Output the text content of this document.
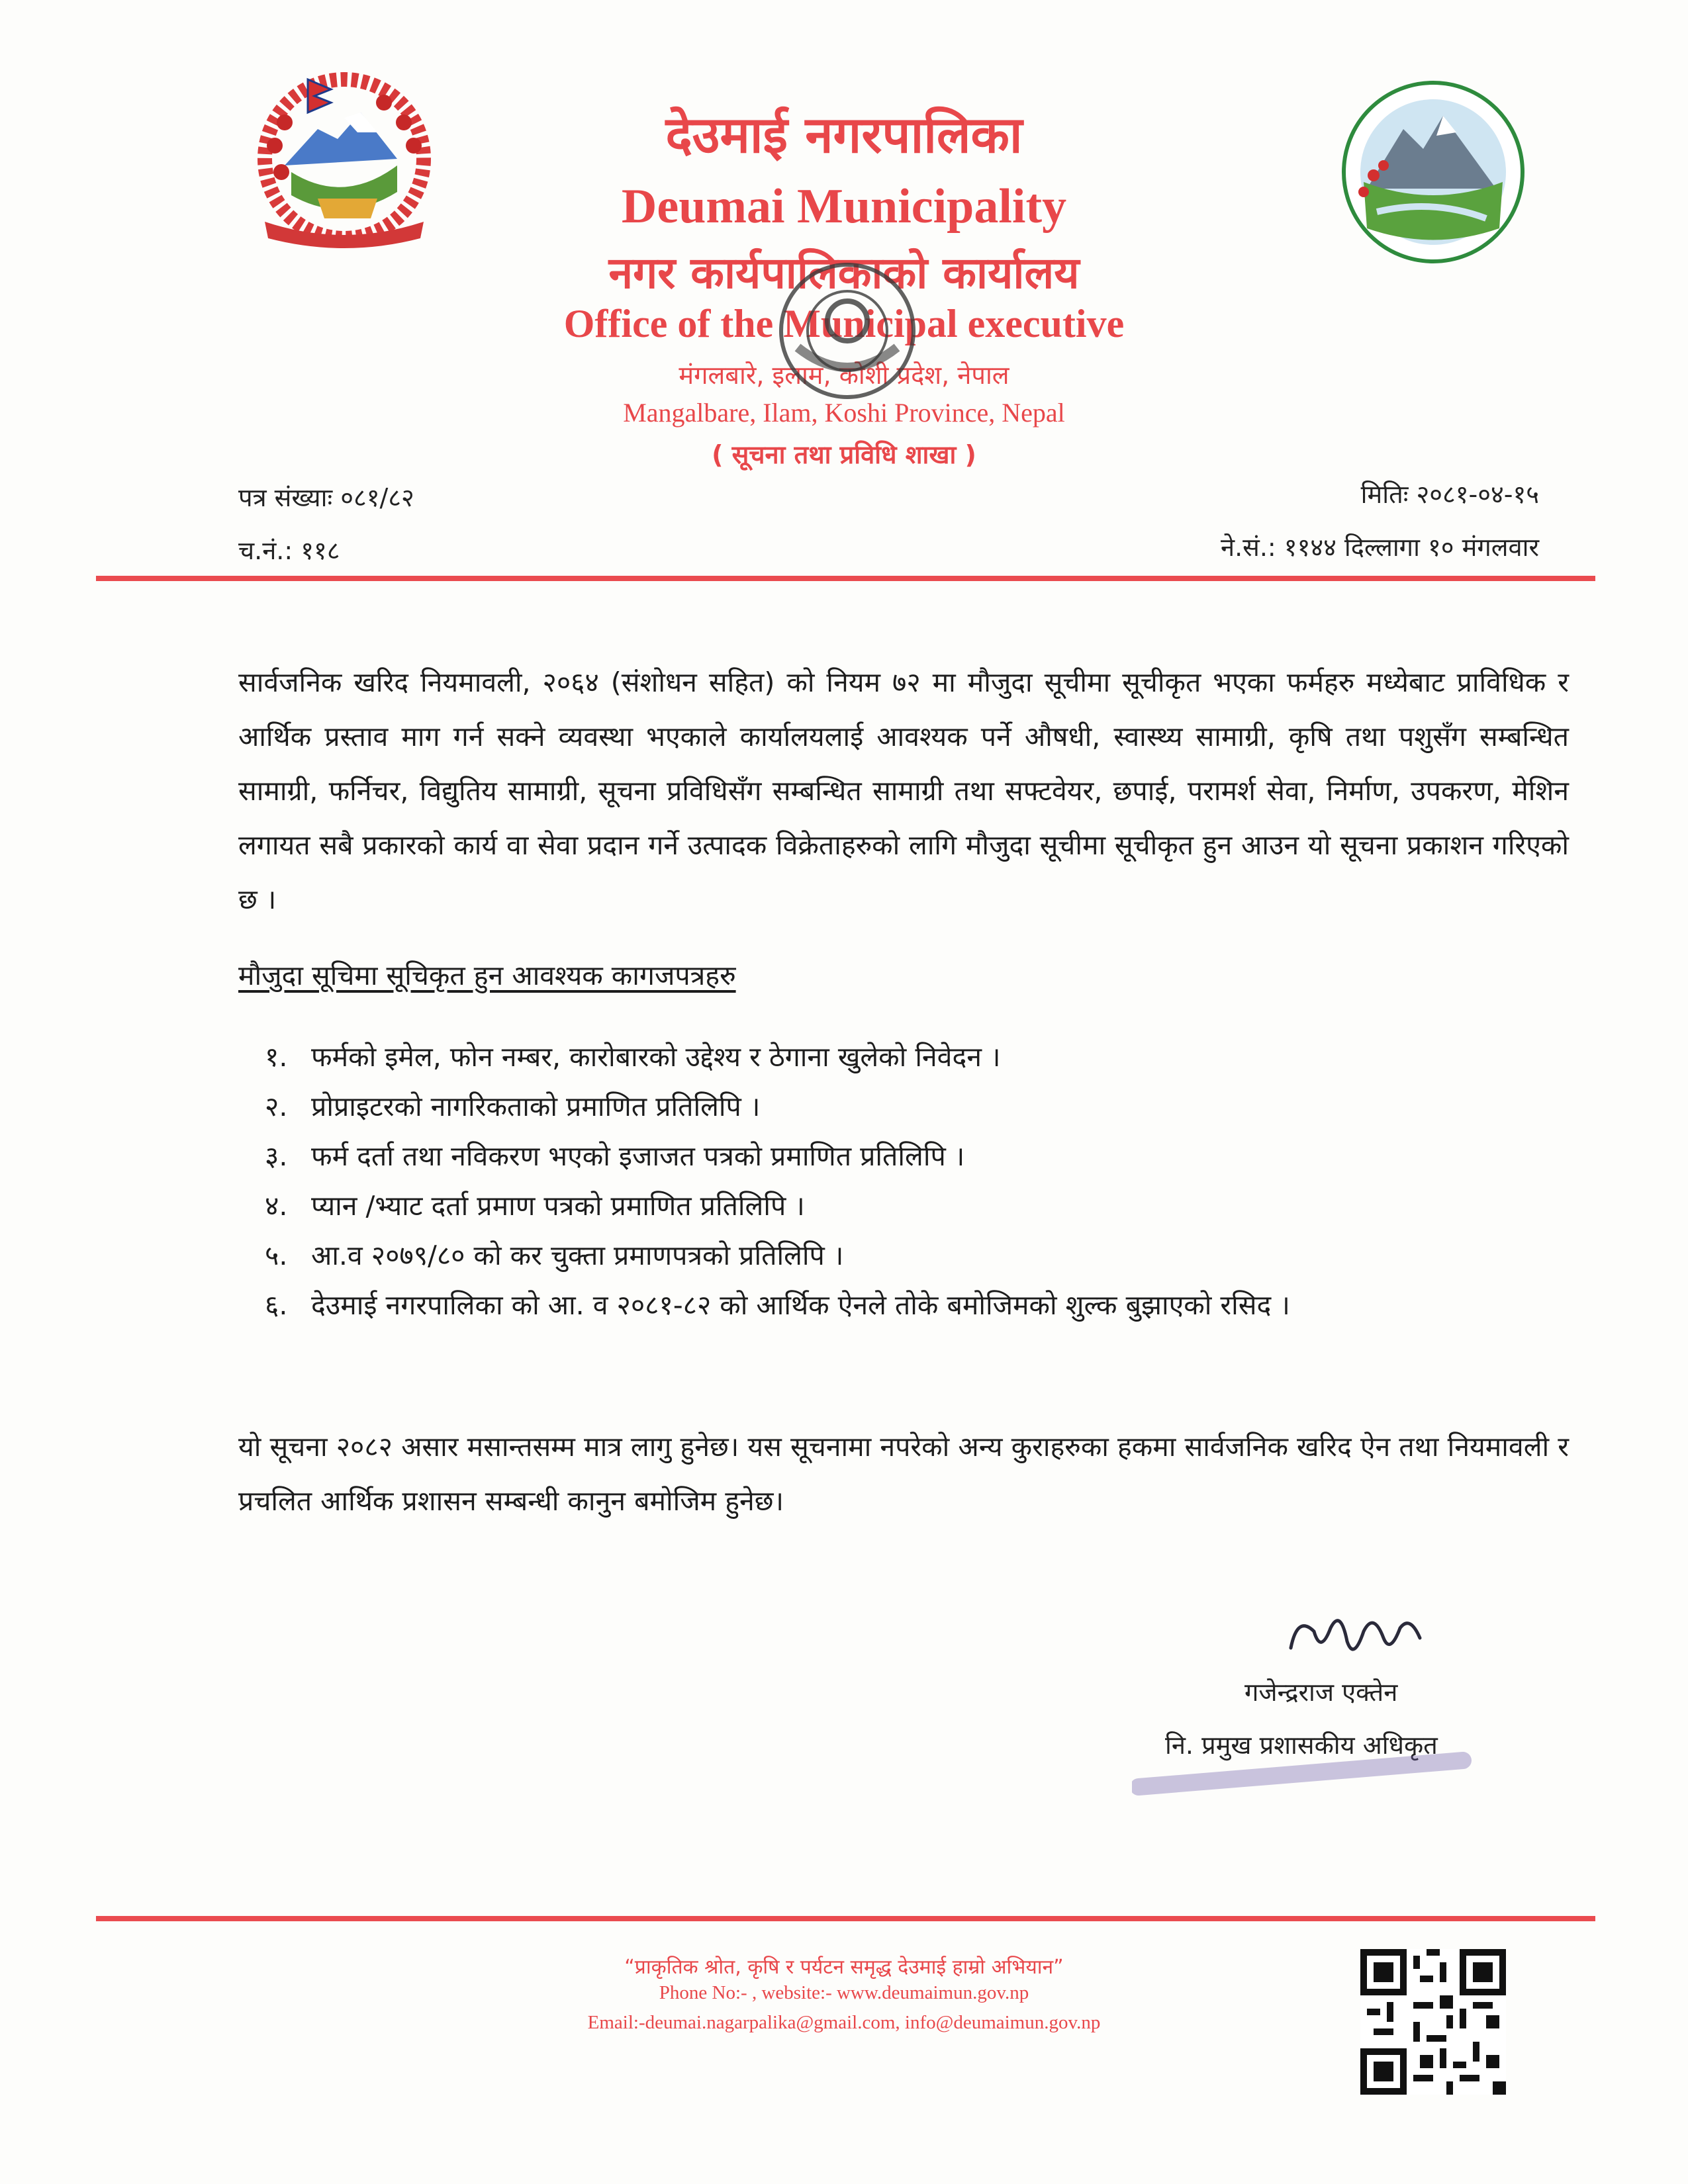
देउमाई नगरपालिका
Deumai Municipality
नगर कार्यपालिकाको कार्यालय
Office of the Municipal executive
मंगलबारे, इलाम, कोशी प्रदेश, नेपाल
Mangalbare, Ilam, Koshi Province, Nepal
( सूचना तथा प्रविधि शाखा )
पत्र संख्याः ०८१/८२
च.नं.: ११८
मितिः २०८१-०४-१५
ने.सं.: ११४४ दिल्लागा १० मंगलवार
सार्वजनिक खरिद नियमावली, २०६४ (संशोधन सहित) को नियम ७२ मा मौजुदा सूचीमा सूचीकृत भएका फर्महरु मध्येबाट प्राविधिक र आर्थिक प्रस्ताव माग गर्न सक्ने व्यवस्था भएकाले कार्यालयलाई आवश्यक पर्ने औषधी, स्वास्थ्य सामाग्री, कृषि तथा पशुसँग सम्बन्धित सामाग्री, फर्निचर, विद्युतिय सामाग्री, सूचना प्रविधिसँग सम्बन्धित सामाग्री तथा सफ्टवेयर, छपाई, परामर्श सेवा, निर्माण, उपकरण, मेशिन लगायत सबै प्रकारको कार्य वा सेवा प्रदान गर्ने उत्पादक विक्रेताहरुको लागि मौजुदा सूचीमा सूचीकृत हुन आउन यो सूचना प्रकाशन गरिएको छ ।
मौजुदा सूचिमा सूचिकृत हुन आवश्यक कागजपत्रहरु
१. फर्मको इमेल, फोन नम्बर, कारोबारको उद्देश्य र ठेगाना खुलेको निवेदन ।
२. प्रोप्राइटरको नागरिकताको प्रमाणित प्रतिलिपि ।
३. फर्म दर्ता तथा नविकरण भएको इजाजत पत्रको प्रमाणित प्रतिलिपि ।
४. प्यान /भ्याट दर्ता प्रमाण पत्रको प्रमाणित प्रतिलिपि ।
५. आ.व २०७९/८० को कर चुक्ता प्रमाणपत्रको प्रतिलिपि ।
६. देउमाई नगरपालिका को आ. व २०८१-८२ को आर्थिक ऐनले तोके बमोजिमको शुल्क बुझाएको रसिद ।
यो सूचना २०८२ असार मसान्तसम्म मात्र लागु हुनेछ। यस सूचनामा नपरेको अन्य कुराहरुका हकमा सार्वजनिक खरिद ऐन तथा नियमावली र प्रचलित आर्थिक प्रशासन सम्बन्धी कानुन बमोजिम हुनेछ।
गजेन्द्रराज एक्तेन
नि. प्रमुख प्रशासकीय अधिकृत
“प्राकृतिक श्रोत, कृषि र पर्यटन समृद्ध देउमाई हाम्रो अभियान”
Phone No:- , website:- www.deumaimun.gov.np
Email:-deumai.nagarpalika@gmail.com, info@deumaimun.gov.np
